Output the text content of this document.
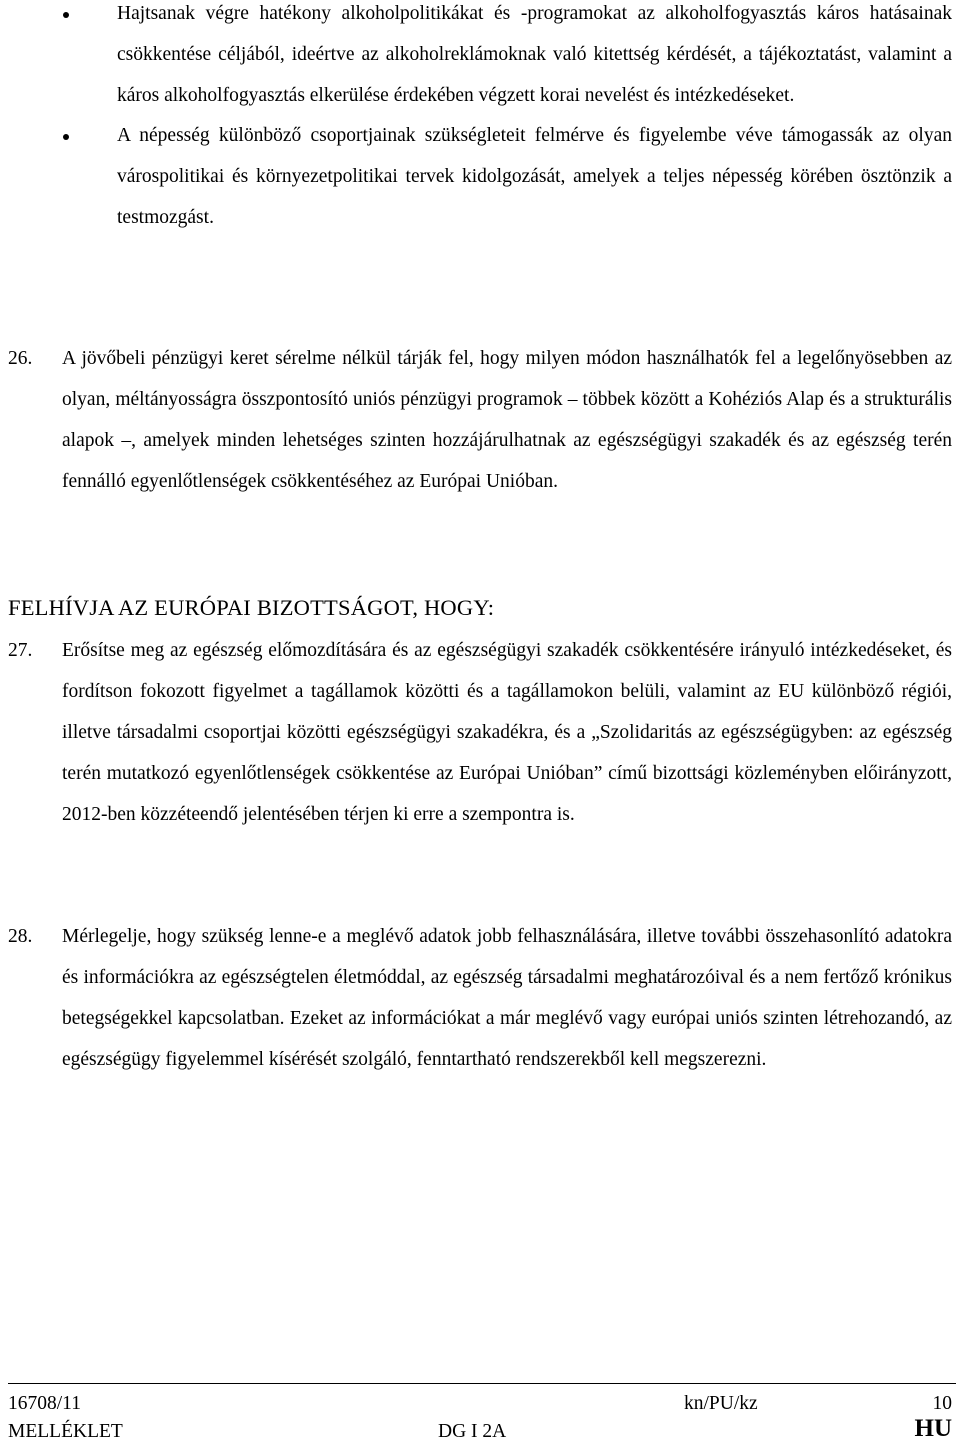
Hajtsanak végre hatékony alkoholpolitikákat és -programokat az alkoholfogyasztás káros hatásainak csökkentése céljából, ideértve az alkoholreklámoknak való kitettség kérdését, a tájékoztatást, valamint a káros alkoholfogyasztás elkerülése érdekében végzett korai nevelést és intézkedéseket.
A népesség különböző csoportjainak szükségleteit felmérve és figyelembe véve támogassák az olyan várospolitikai és környezetpolitikai tervek kidolgozását, amelyek a teljes népesség körében ösztönzik a testmozgást.
26. A jövőbeli pénzügyi keret sérelme nélkül tárják fel, hogy milyen módon használhatók fel a legelőnyösebben az olyan, méltányosságra összpontosító uniós pénzügyi programok – többek között a Kohéziós Alap és a strukturális alapok –, amelyek minden lehetséges szinten hozzájárulhatnak az egészségügyi szakadék és az egészség terén fennálló egyenlőtlenségek csökkentéséhez az Európai Unióban.
FELHÍVJA AZ EURÓPAI BIZOTTSÁGOT, HOGY:
27. Erősítse meg az egészség előmozdítására és az egészségügyi szakadék csökkentésére irányuló intézkedéseket, és fordítson fokozott figyelmet a tagállamok közötti és a tagállamokon belüli, valamint az EU különböző régiói, illetve társadalmi csoportjai közötti egészségügyi szakadékra, és a „Szolidaritás az egészségügyben: az egészség terén mutatkozó egyenlőtlenségek csökkentése az Európai Unióban” című bizottsági közleményben előirányzott, 2012-ben közzéteendő jelentésében térjen ki erre a szempontra is.
28. Mérlegelje, hogy szükség lenne-e a meglévő adatok jobb felhasználására, illetve további összehasonlító adatokra és információkra az egészségtelen életmóddal, az egészség társadalmi meghatározóival és a nem fertőző krónikus betegségekkel kapcsolatban. Ezeket az információkat a már meglévő vagy európai uniós szinten létrehozandó, az egészségügy figyelemmel kísérését szolgáló, fenntartható rendszerekből kell megszerezni.
16708/11	kn/PU/kz	10
MELLÉKLET	DG I 2A	HU
